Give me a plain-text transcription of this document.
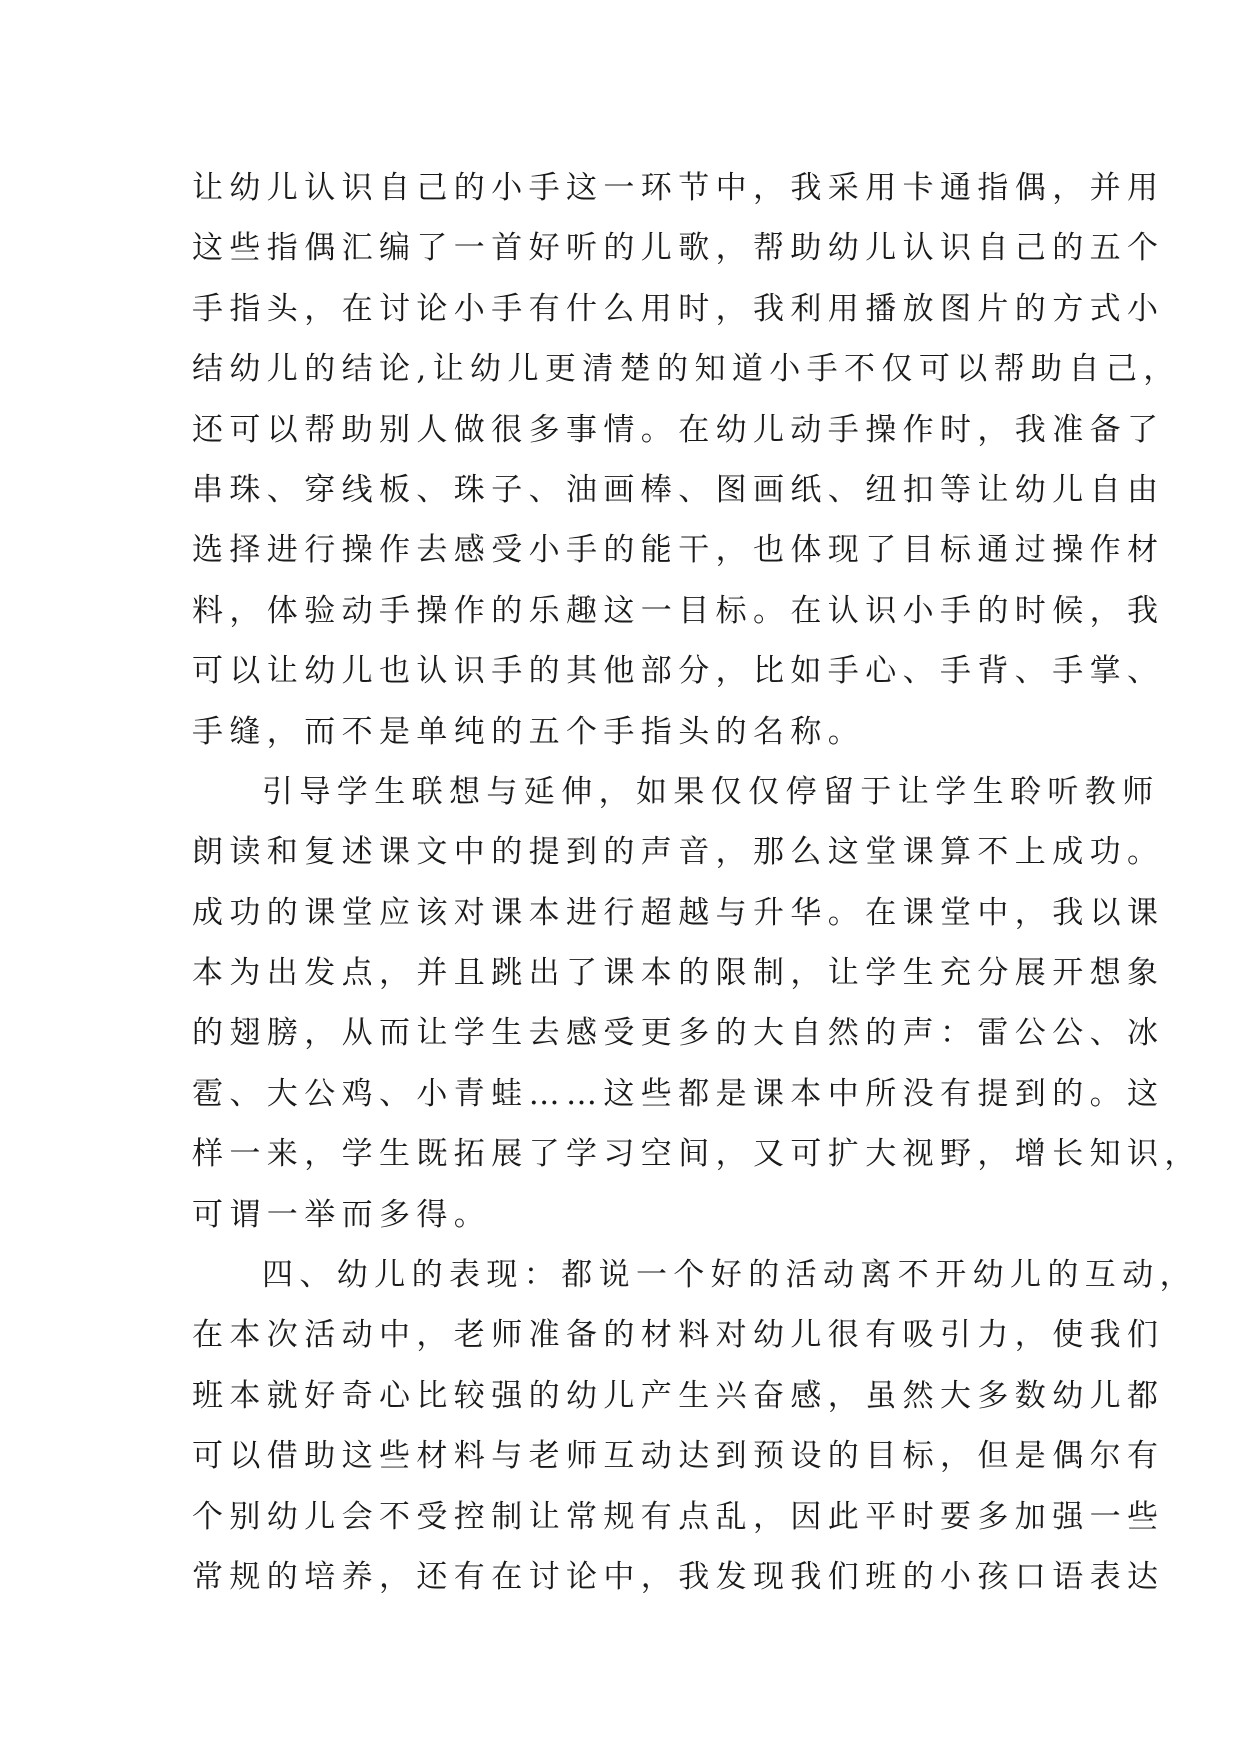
让幼儿认识自己的小手这一环节中，我采用卡通指偶，并用
这些指偶汇编了一首好听的儿歌，帮助幼儿认识自己的五个
手指头，在讨论小手有什么用时，我利用播放图片的方式小
结幼儿的结论,让幼儿更清楚的知道小手不仅可以帮助自己，
还可以帮助别人做很多事情。在幼儿动手操作时，我准备了
串珠、穿线板、珠子、油画棒、图画纸、纽扣等让幼儿自由
选择进行操作去感受小手的能干，也体现了目标通过操作材
料，体验动手操作的乐趣这一目标。在认识小手的时候，我
可以让幼儿也认识手的其他部分，比如手心、手背、手掌、
手缝，而不是单纯的五个手指头的名称。
引导学生联想与延伸，如果仅仅停留于让学生聆听教师
朗读和复述课文中的提到的声音，那么这堂课算不上成功。
成功的课堂应该对课本进行超越与升华。在课堂中，我以课
本为出发点，并且跳出了课本的限制，让学生充分展开想象
的翅膀，从而让学生去感受更多的大自然的声：雷公公、冰
雹、大公鸡、小青蛙……这些都是课本中所没有提到的。这
样一来，学生既拓展了学习空间，又可扩大视野，增长知识，
可谓一举而多得。
四、幼儿的表现：都说一个好的活动离不开幼儿的互动，
在本次活动中，老师准备的材料对幼儿很有吸引力，使我们
班本就好奇心比较强的幼儿产生兴奋感，虽然大多数幼儿都
可以借助这些材料与老师互动达到预设的目标，但是偶尔有
个别幼儿会不受控制让常规有点乱，因此平时要多加强一些
常规的培养，还有在讨论中，我发现我们班的小孩口语表达
